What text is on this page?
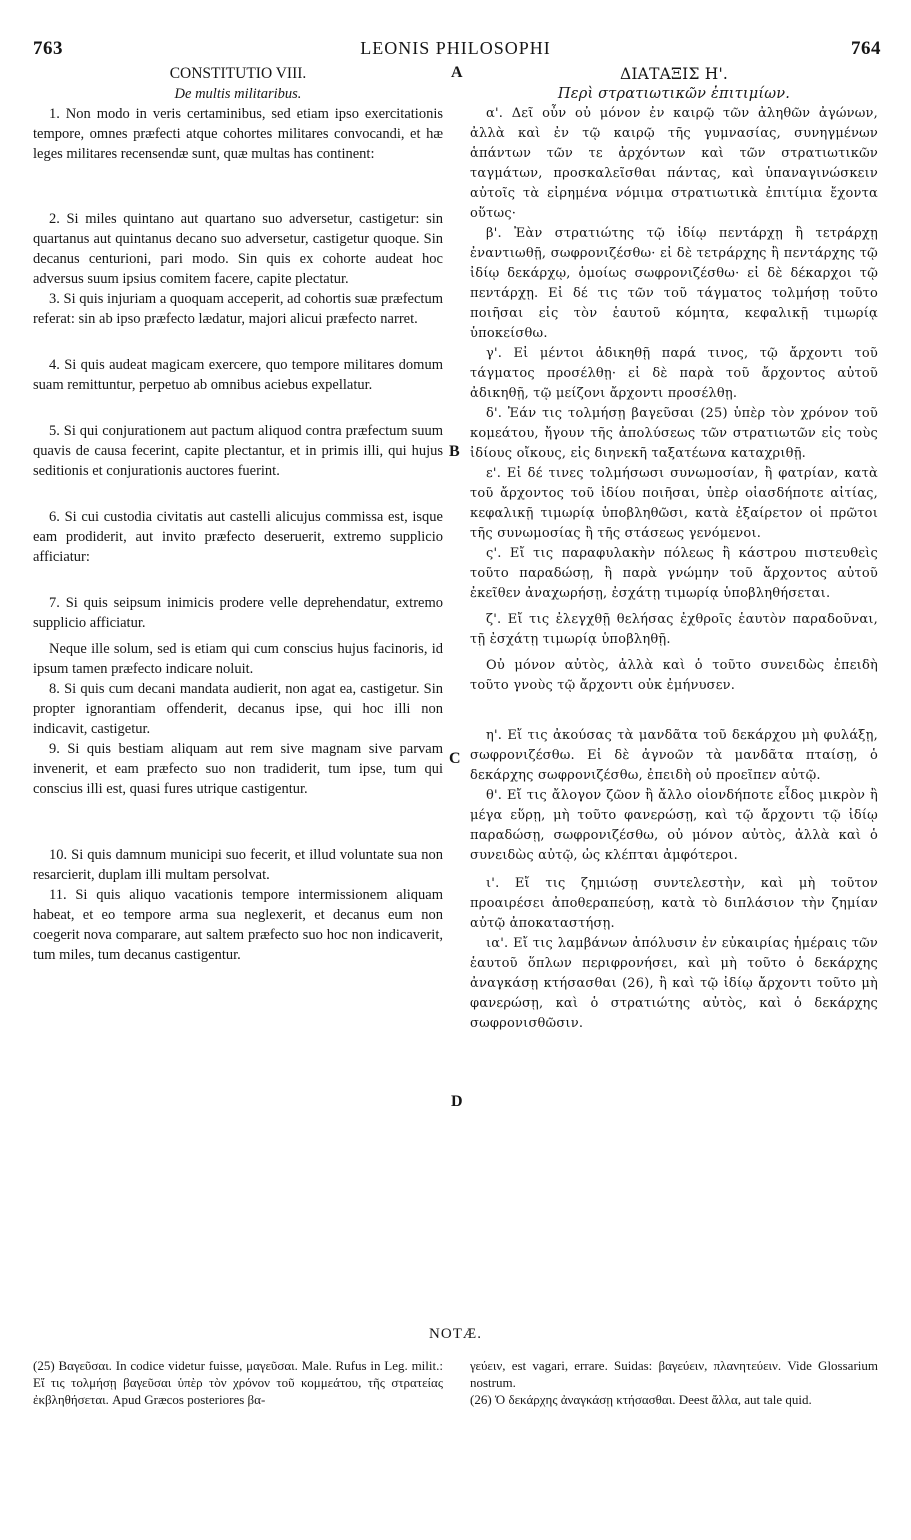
763	LEONIS PHILOSOPHI	764
A
B
C
D
CONSTITUTIO VIII.
De multis militaribus.

1. Non modo in veris certaminibus, sed etiam ipso exercitationis tempore, omnes præfecti atque cohortes militares convocandi, et hæ leges militares recensendæ sunt, quæ multas has continent:

2. Si miles quintano aut quartano suo adversetur, castigetur: sin quartanus aut quintanus decano suo adversetur, castigetur quoque. Sin decanus centurioni, pari modo. Sin quis ex cohorte audeat hoc adversus suum ipsius comitem facere, capite plectatur.

3. Si quis injuriam a quoquam acceperit, ad cohortis suæ præfectum referat: sin ab ipso præfecto lædatur, majori alicui præfecto narret.

4. Si quis audeat magicam exercere, quo tempore militares domum suam remittuntur, perpetuo ab omnibus aciebus expellatur.

5. Si qui conjurationem aut pactum aliquod contra præfectum suum quavis de causa fecerint, capite plectantur, et in primis illi, qui hujus seditionis et conjurationis auctores fuerint.

6. Si cui custodia civitatis aut castelli alicujus commissa est, isque eam prodiderit, aut invito præfecto deseruerit, extremo supplicio afficiatur:

7. Si quis seipsum inimicis prodere velle deprehendatur, extremo supplicio afficiatur.

Neque ille solum, sed is etiam qui cum conscius hujus facinoris, id ipsum tamen præfecto indicare noluit.

8. Si quis cum decani mandata audierit, non agat ea, castigetur. Sin propter ignorantiam offenderit, decanus ipse, qui hoc illi non indicavit, castigetur.

9. Si quis bestiam aliquam aut rem sive magnam sive parvam invenerit, et eam præfecto suo non tradiderit, tum ipse, tum qui conscius illi est, quasi fures utrique castigentur.

10. Si quis damnum municipi suo fecerit, et illud voluntate sua non resarcierit, duplam illi multam persolvat.

11. Si quis aliquo vacationis tempore intermissionem aliquam habeat, et eo tempore arma sua neglexerit, et decanus eum non coegerit nova comparare, aut saltem præfecto suo hoc non indicaverit, tum miles, tum decanus castigentur.

ΔΙΑΤΑΞΙΣ Η'.
Περὶ στρατιωτικῶν ἐπιτιμίων.

α'. Δεῖ οὖν οὐ μόνον ἐν καιρῷ τῶν ἀληθῶν ἀγώνων, ἀλλὰ καὶ ἐν τῷ καιρῷ τῆς γυμνασίας, συνηγμένων ἁπάντων τῶν τε ἀρχόντων καὶ τῶν στρατιωτικῶν ταγμάτων, προσκαλεῖσθαι πάντας, καὶ ὑπαναγινώσκειν αὐτοῖς τὰ εἰρημένα νόμιμα στρατιωτικὰ ἐπιτίμια ἔχοντα οὕτως·

β'. Ἐὰν στρατιώτης τῷ ἰδίῳ πεντάρχῃ ἢ τετράρχῃ ἐναντιωθῇ, σωφρονιζέσθω· εἰ δὲ τετράρχης ἢ πεντάρχης τῷ ἰδίῳ δεκάρχῳ, ὁμοίως σωφρονιζέσθω· εἰ δὲ δέκαρχοι τῷ πεντάρχῃ. Εἰ δέ τις τῶν τοῦ τάγματος τολμήσῃ τοῦτο ποιῆσαι εἰς τὸν ἑαυτοῦ κόμητα, κεφαλικῇ τιμωρίᾳ ὑποκείσθω.

γ'. Εἰ μέντοι ἀδικηθῇ παρά τινος, τῷ ἄρχοντι τοῦ τάγματος προσέλθῃ· εἰ δὲ παρὰ τοῦ ἄρχοντος αὐτοῦ ἀδικηθῇ, τῷ μείζονι ἄρχοντι προσέλθῃ.

δ'. Ἐάν τις τολμήσῃ βαγεῦσαι (25) ὑπὲρ τὸν χρόνον τοῦ κομεάτου, ἤγουν τῆς ἀπολύσεως τῶν στρατιωτῶν εἰς τοὺς ἰδίους οἴκους, εἰς διηνεκῆ ταξατέωνα καταχριθῇ.

ε'. Εἰ δέ τινες τολμήσωσι συνωμοσίαν, ἢ φατρίαν, κατὰ τοῦ ἄρχοντος τοῦ ἰδίου ποιῆσαι, ὑπὲρ οἱασδήποτε αἰτίας, κεφαλικῇ τιμωρίᾳ ὑποβληθῶσι, κατὰ ἐξαίρετον οἱ πρῶτοι τῆς συνωμοσίας ἢ τῆς στάσεως γενόμενοι.

ς'. Εἴ τις παραφυλακὴν πόλεως ἢ κάστρου πιστευθεὶς τοῦτο παραδώσῃ, ἢ παρὰ γνώμην τοῦ ἄρχοντος αὐτοῦ ἐκεῖθεν ἀναχωρήσῃ, ἐσχάτῃ τιμωρίᾳ ὑποβληθήσεται.

ζ'. Εἴ τις ἐλεγχθῇ θελήσας ἐχθροῖς ἑαυτὸν παραδοῦναι, τῇ ἐσχάτῃ τιμωρίᾳ ὑποβληθῇ.

Οὐ μόνον αὐτὸς, ἀλλὰ καὶ ὁ τοῦτο συνειδὼς ἐπειδὴ τοῦτο γνοὺς τῷ ἄρχοντι οὐκ ἐμήνυσεν.

η'. Εἴ τις ἀκούσας τὰ μανδᾶτα τοῦ δεκάρχου μὴ φυλάξῃ, σωφρονιζέσθω. Εἰ δὲ ἀγνοῶν τὰ μανδᾶτα πταίσῃ, ὁ δεκάρχης σωφρονιζέσθω, ἐπειδὴ οὐ προεῖπεν αὐτῷ.

θ'. Εἴ τις ἄλογον ζῶον ἢ ἄλλο οἱονδήποτε εἶδος μικρὸν ἢ μέγα εὕρῃ, μὴ τοῦτο φανερώσῃ, καὶ τῷ ἄρχοντι τῷ ἰδίῳ παραδώσῃ, σωφρονιζέσθω, οὐ μόνον αὐτὸς, ἀλλὰ καὶ ὁ συνειδὼς αὐτῷ, ὡς κλέπται ἀμφότεροι.

ι'. Εἴ τις ζημιώσῃ συντελεστὴν, καὶ μὴ τοῦτον προαιρέσει ἀποθεραπεύσῃ, κατὰ τὸ διπλάσιον τὴν ζημίαν αὐτῷ ἀποκαταστήσῃ.

ια'. Εἴ τις λαμβάνων ἀπόλυσιν ἐν εὐκαιρίας ἡμέραις τῶν ἑαυτοῦ ὅπλων περιφρονήσει, καὶ μὴ τοῦτο ὁ δεκάρχης ἀναγκάσῃ κτήσασθαι (26), ἢ καὶ τῷ ἰδίῳ ἄρχοντι τοῦτο μὴ φανερώσῃ, καὶ ὁ στρατιώτης αὐτὸς, καὶ ὁ δεκάρχης σωφρονισθῶσιν.

NOTÆ.

(25) Βαγεῦσαι. In codice videtur fuisse, μαγεῦσαι. Male. Rufus in Leg. milit.: Εἴ τις τολμήσῃ βαγεῦσαι ὑπὲρ τὸν χρόνον τοῦ κομμεάτου, τῆς στρατείας ἐκβληθήσεται. Apud Græcos posteriores βα-

γεύειν, est vagari, errare. Suidas: βαγεύειν, πλανητεύειν. Vide Glossarium nostrum.

(26) Ὁ δεκάρχης ἀναγκάσῃ κτήσασθαι. Deest ἄλλα, aut tale quid.
